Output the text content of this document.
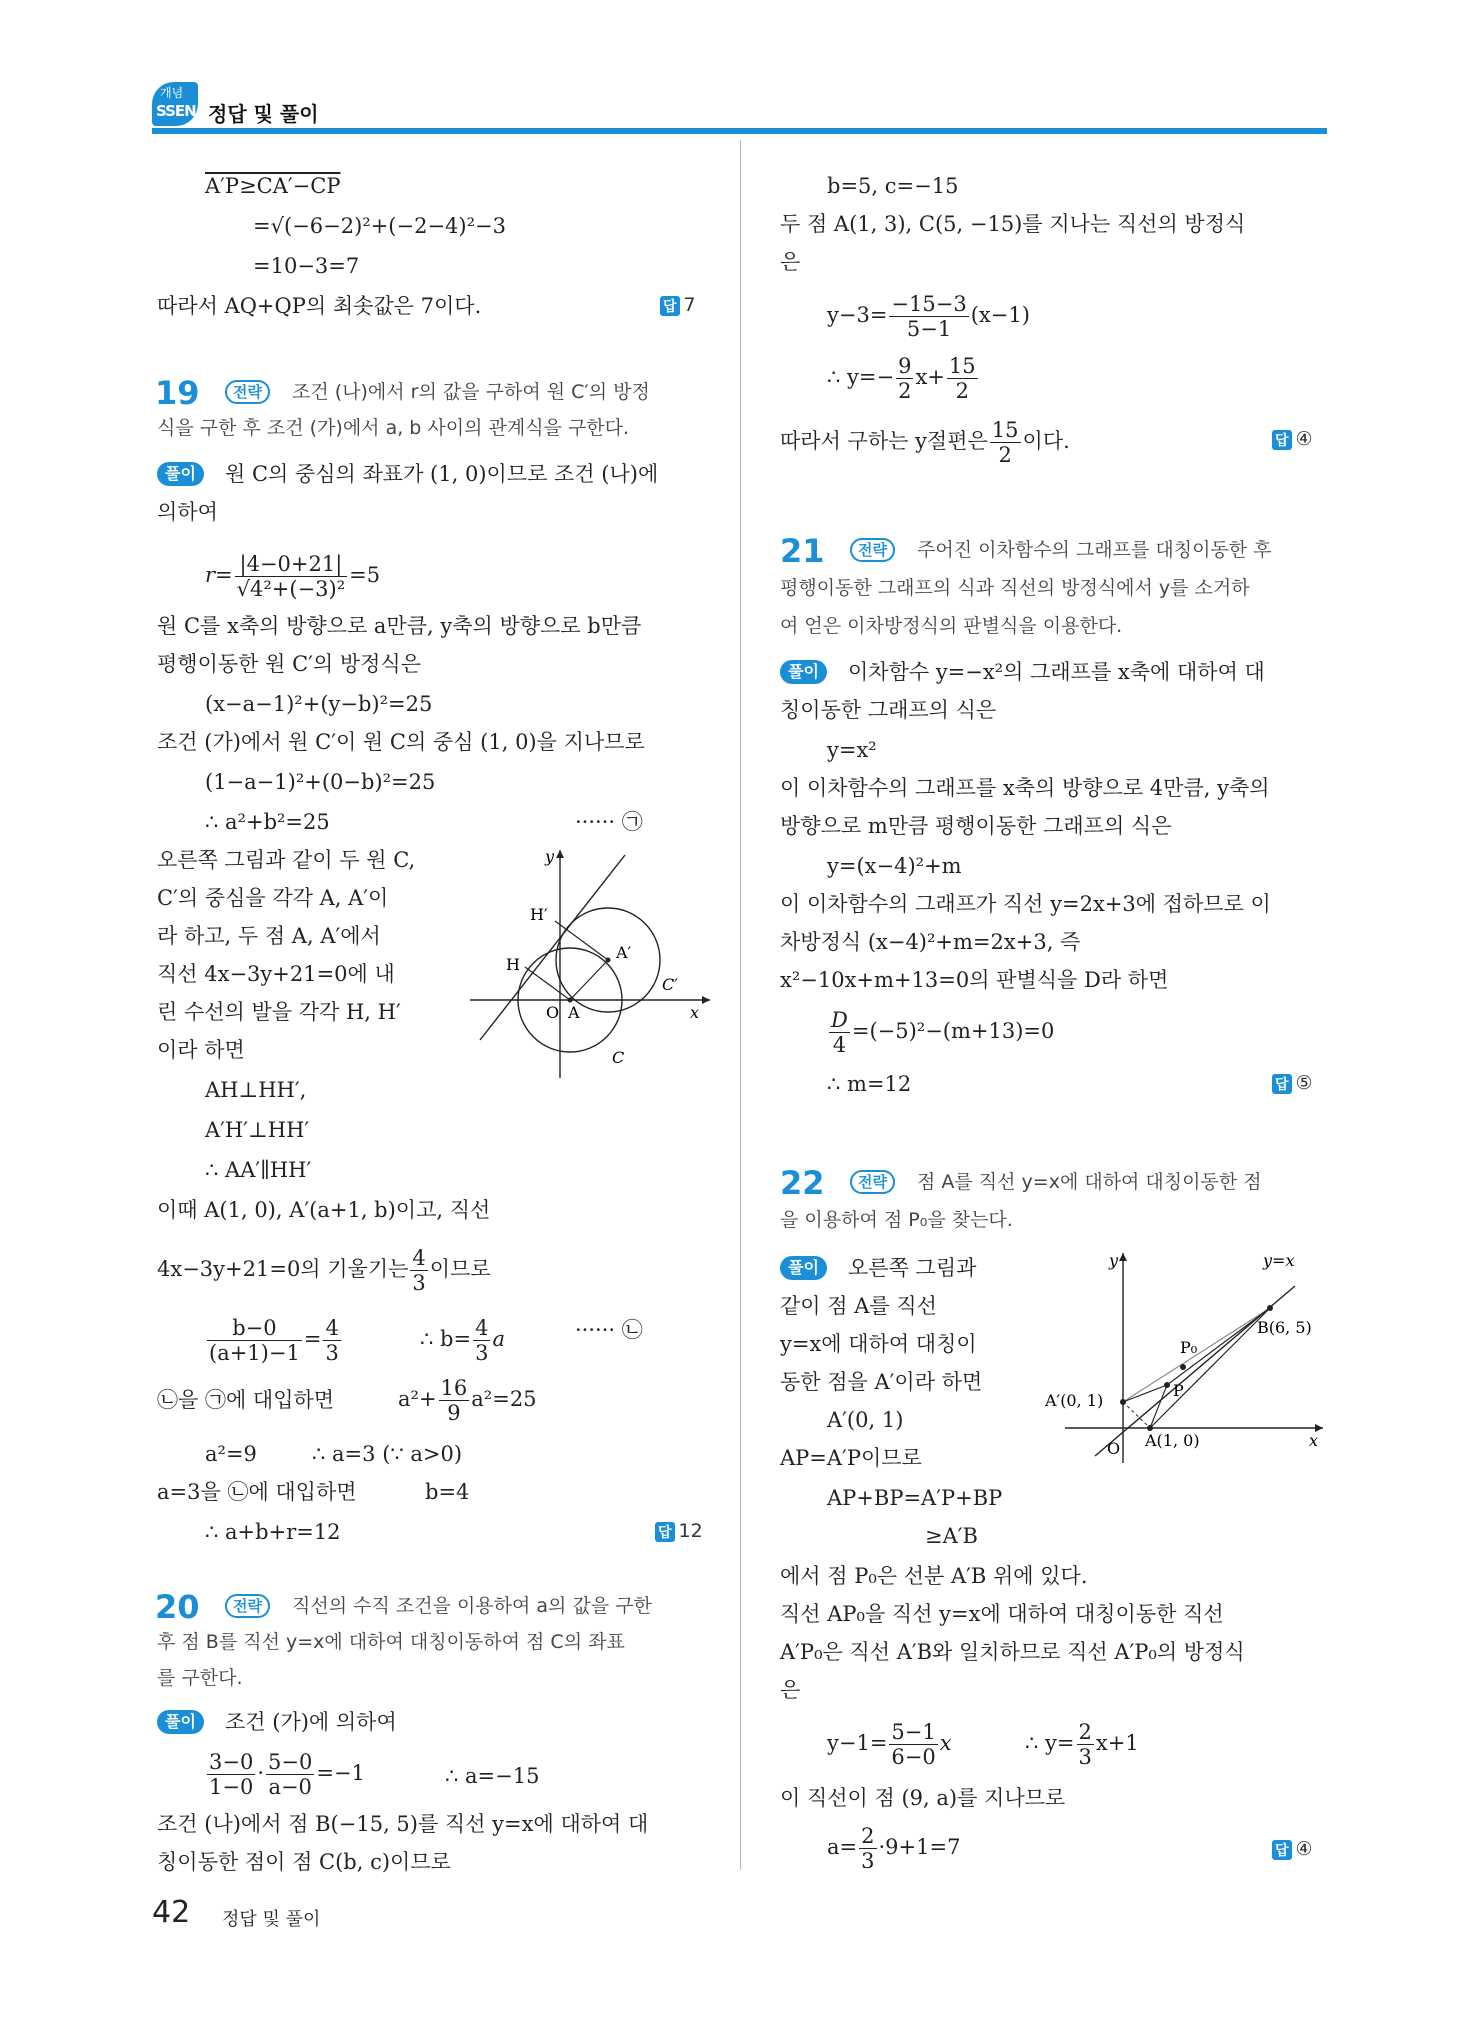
개념
SSEN 정답 및 풀이
A′P≥CA′−CP
=√(−6−2)²+(−2−4)²−3
=10−3=7
따라서 AQ+QP의 최솟값은 7이다.	답 7
19	전략	조건 (나)에서 r의 값을 구하여 원 C′의 방정
식을 구한 후 조건 (가)에서 a, b 사이의 관계식을 구한다.
풀이	원 C의 중심의 좌표가 (1, 0)이므로 조건 (나)에
의하여
$r= \frac{|4-0+21|}{\text{√4²+(−3)²}} =5$
원 C를 x축의 방향으로 a만큼, y축의 방향으로 b만큼
평행이동한 원 C′의 방정식은
(x−a−1)²+(y−b)²=25
조건 (가)에서 원 C′이 원 C의 중심 (1, 0)을 지나므로
(1−a−1)²+(0−b)²=25
∴ a²+b²=25	······ ㉠
오른쪽 그림과 같이 두 원 C,
C′의 중심을 각각 A, A′이
라 하고, 두 점 A, A′에서
직선 4x−3y+21=0에 내
린 수선의 발을 각각 H, H′
이라 하면
AH⊥HH′,
A′H′⊥HH′
∴ AA′∥HH′
y
H′
A′
H
C′
O A	x
C
이때 A(1, 0), A′(a+1, b)이고, 직선
4x−3y+21=0의 기울기는 $\frac{4}{3}$ 이므로
$\frac{b-0}{(a+1)-1} = \frac{4}{3}$	∴ $b= \frac{4}{3}$ a	······ ㉡
㉡을 ㉠에 대입하면	$a^2+ \frac{16}{9} a^2=25$
a²=9	∴ a=3 (∵ a>0)
a=3을 ㉡에 대입하면	b=4
∴ a+b+r=12	답 12
20	전략	직선의 수직 조건을 이용하여 a의 값을 구한
후 점 B를 직선 y=x에 대하여 대칭이동하여 점 C의 좌표
를 구한다.
풀이	조건 (가)에 의하여
$\frac{3-0}{1-0} \cdot \frac{5-0}{a-0} =-1$	∴ a=−15
조건 (나)에서 점 B(−15, 5)를 직선 y=x에 대하여 대
칭이동한 점이 점 C(b, c)이므로
b=5, c=−15
두 점 A(1, 3), C(5, −15)를 지나는 직선의 방정식
은
$y-3= \frac{-15-3}{5-1} (x-1)$
∴ $y=- \frac{9}{2} x+ \frac{15}{2}$
따라서 구하는 y절편은 $\frac{15}{2}$ 이다.	답 ④
21	전략	주어진 이차함수의 그래프를 대칭이동한 후
평행이동한 그래프의 식과 직선의 방정식에서 y를 소거하
여 얻은 이차방정식의 판별식을 이용한다.
풀이	이차함수 y=−x²의 그래프를 x축에 대하여 대
칭이동한 그래프의 식은
y=x²
이 이차함수의 그래프를 x축의 방향으로 4만큼, y축의
방향으로 m만큼 평행이동한 그래프의 식은
y=(x−4)²+m
이 이차함수의 그래프가 직선 y=2x+3에 접하므로 이
차방정식 (x−4)²+m=2x+3, 즉
x²−10x+m+13=0의 판별식을 D라 하면
$\frac{D}{4} =(-5)^2-(m+13)=0$
∴ m=12	답 ⑤
22	전략	점 A를 직선 y=x에 대하여 대칭이동한 점
을 이용하여 점 P₀을 찾는다.
풀이	오른쪽 그림과
같이 점 A를 직선
y=x에 대하여 대칭이
동한 점을 A′이라 하면
A′(0, 1)
AP=A′P이므로
AP+BP=A′P+BP
≥A′B
에서 점 P₀은 선분 A′B 위에 있다.
직선 AP₀을 직선 y=x에 대하여 대칭이동한 직선
A′P₀은 직선 A′B와 일치하므로 직선 A′P₀의 방정식
은
$y-1= \frac{5-1}{6-0}$ x	∴ $y= \frac{2}{3} x+1$
이 직선이 점 (9, a)를 지나므로
$a= \frac{2}{3} \cdot 9+1=7$	답 ④
y	y=x
B(6, 5)
P₀
A′(0, 1)
P
A(1, 0)
O	x
42 정답 및 풀이
